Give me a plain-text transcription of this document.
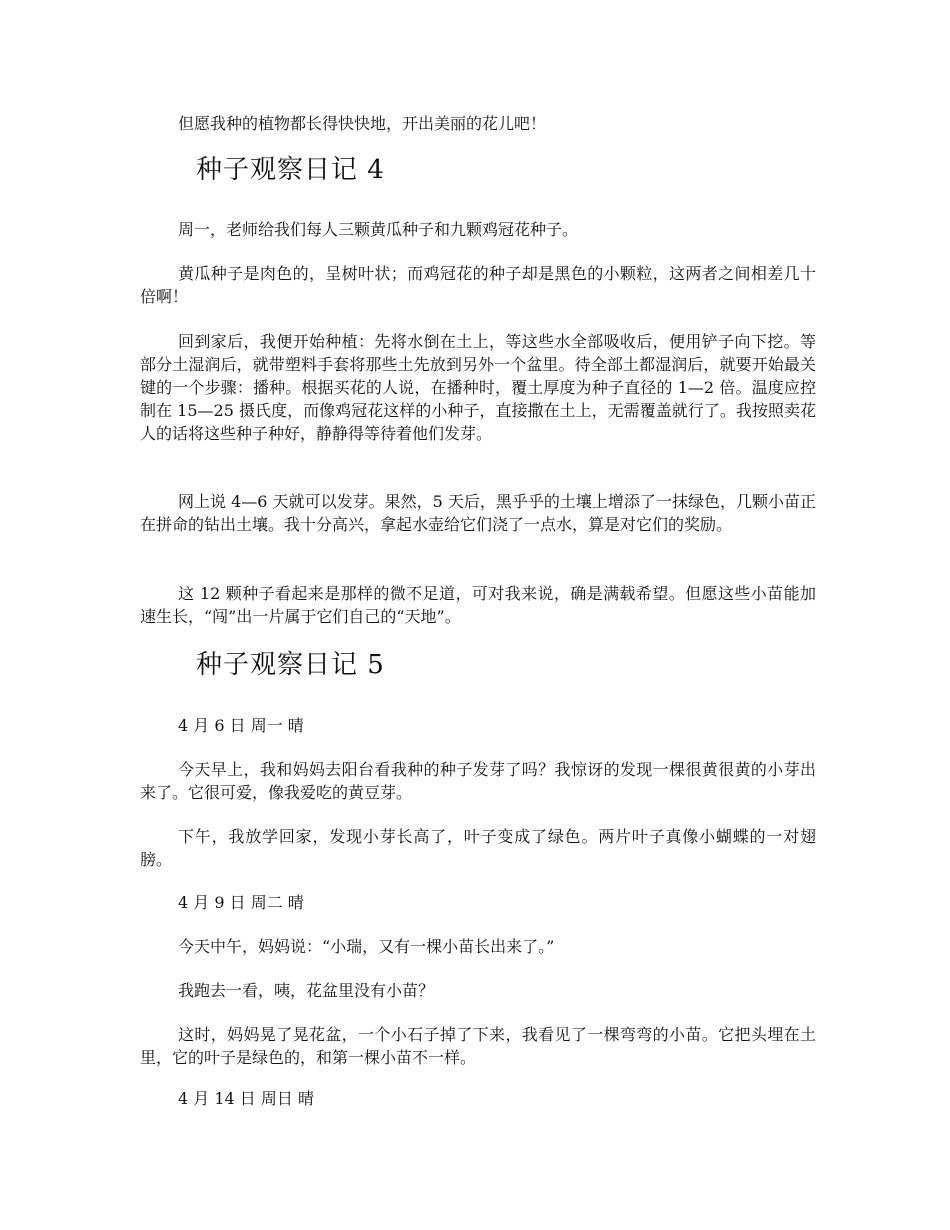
但愿我种的植物都长得快快地，开出美丽的花儿吧！

种子观察日记 4

周一，老师给我们每人三颗黄瓜种子和九颗鸡冠花种子。

黄瓜种子是肉色的，呈树叶状；而鸡冠花的种子却是黑色的小颗粒，这两者之间相差几十倍啊！

回到家后，我便开始种植：先将水倒在土上，等这些水全部吸收后，便用铲子向下挖。等部分土湿润后，就带塑料手套将那些土先放到另外一个盆里。待全部土都湿润后，就要开始最关键的一个步骤：播种。根据买花的人说，在播种时，覆土厚度为种子直径的 1—2 倍。温度应控制在 15—25 摄氏度，而像鸡冠花这样的小种子，直接撒在土上，无需覆盖就行了。我按照卖花人的话将这些种子种好，静静得等待着他们发芽。

网上说 4—6 天就可以发芽。果然，5 天后，黑乎乎的土壤上增添了一抹绿色，几颗小苗正在拼命的钻出土壤。我十分高兴，拿起水壶给它们浇了一点水，算是对它们的奖励。

这 12 颗种子看起来是那样的微不足道，可对我来说，确是满载希望。但愿这些小苗能加速生长，“闯”出一片属于它们自己的“天地”。

种子观察日记 5

4 月 6 日 周一 晴

今天早上，我和妈妈去阳台看我种的种子发芽了吗？我惊讶的发现一棵很黄很黄的小芽出来了。它很可爱，像我爱吃的黄豆芽。

下午，我放学回家，发现小芽长高了，叶子变成了绿色。两片叶子真像小蝴蝶的一对翅膀。

4 月 9 日 周二 晴

今天中午，妈妈说：“小瑞，又有一棵小苗长出来了。”

我跑去一看，咦，花盆里没有小苗？

这时，妈妈晃了晃花盆，一个小石子掉了下来，我看见了一棵弯弯的小苗。它把头埋在土里，它的叶子是绿色的，和第一棵小苗不一样。

4 月 14 日 周日 晴
